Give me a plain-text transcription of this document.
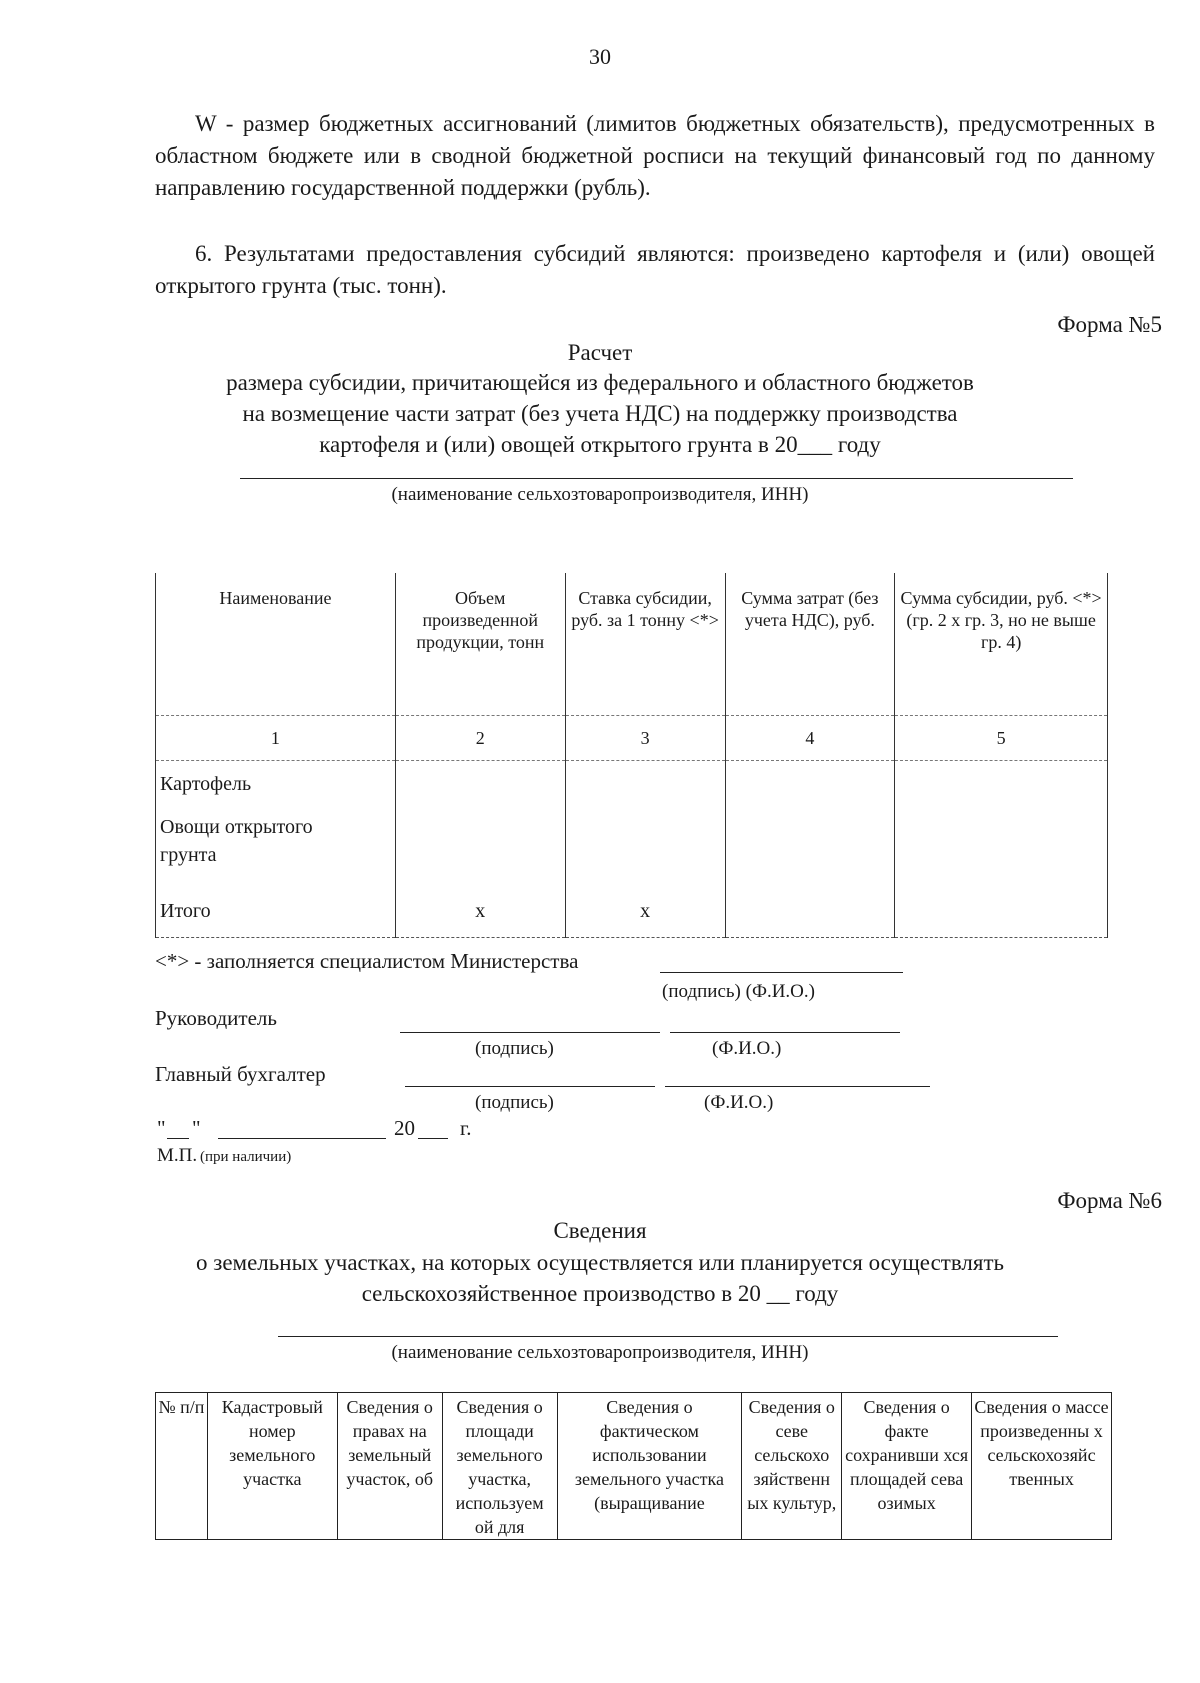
30
W - размер бюджетных ассигнований (лимитов бюджетных обязательств), предусмотренных в областном бюджете или в сводной бюджетной росписи на текущий финансовый год по данному направлению государственной поддержки (рубль).
6. Результатами предоставления субсидий являются: произведено картофеля и (или) овощей открытого грунта (тыс. тонн).
Форма №5
Расчет
размера субсидии, причитающейся из федерального и областного бюджетов
на возмещение части затрат (без учета НДС) на поддержку производства
картофеля и (или) овощей открытого грунта в 20___ году
(наименование сельхозтоваропроизводителя, ИНН)
Наименование	Объем произведенной продукции, тонн	Ставка субсидии, руб. за 1 тонну <*>	Сумма затрат (без учета НДС), руб.	Сумма субсидии, руб. <*> (гр. 2 х гр. 3, но не выше гр. 4)
1	2	3	4	5
Картофель				
Овощи открытого грунта				
Итого	x	x		
<*> - заполняется специалистом Министерства
(подпись) (Ф.И.О.)
Руководитель
(подпись)	(Ф.И.О.)
Главный бухгалтер
(подпись)	(Ф.И.О.)
" "	20 г.
М.П. (при наличии)
Форма №6
Сведения
о земельных участках, на которых осуществляется или планируется осуществлять
сельскохозяйственное производство в 20 __ году
(наименование сельхозтоваропроизводителя, ИНН)
№ п/п	Кадастровый номер земельного участка	Сведения о правах на земельный участок, об	Сведения о площади земельного участка, используем ой для	Сведения о фактическом использовании земельного участка (выращивание	Сведения о севе сельскохо зяйственн ых культур,	Сведения о факте сохранивши хся площадей сева озимых	Сведения о массе произведенны х сельскохозяйс твенных
